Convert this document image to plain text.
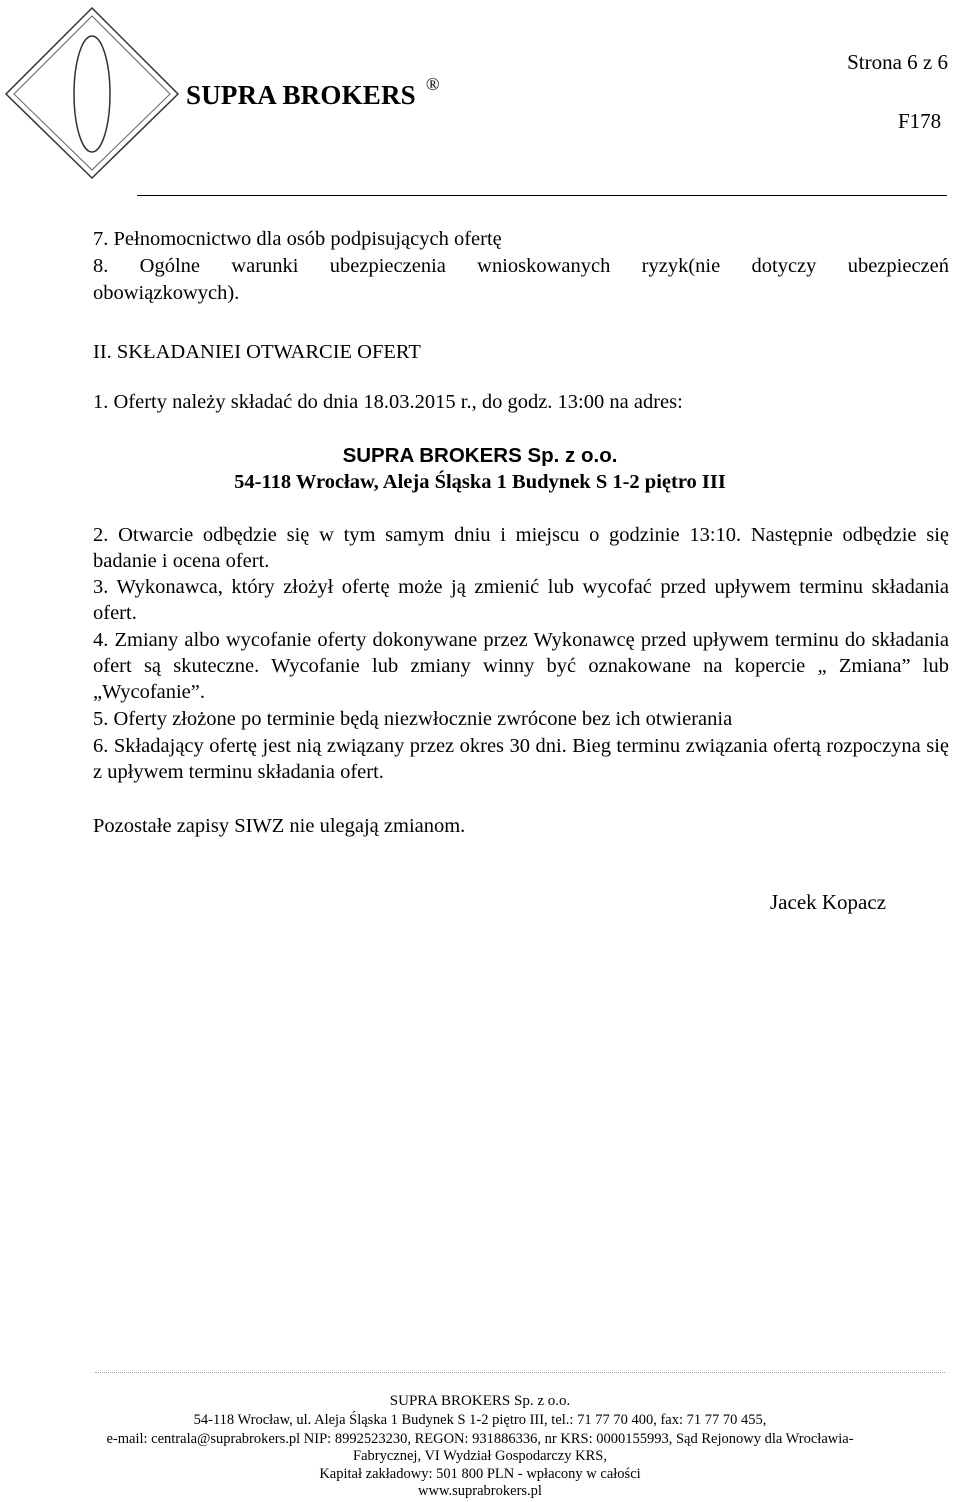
SUPRA BROKERS ®
Strona 6 z 6
F178
7. Pełnomocnictwo dla osób podpisujących ofertę
8. Ogólne warunki ubezpieczenia wnioskowanych ryzyk(nie dotyczy ubezpieczeń
obowiązkowych).
II. SKŁADANIEI OTWARCIE OFERT
1. Oferty należy składać do dnia 18.03.2015 r., do godz. 13:00 na adres:
SUPRA BROKERS Sp. z o.o.
54-118 Wrocław, Aleja Śląska 1 Budynek S 1-2 piętro III
2. Otwarcie odbędzie się w tym samym dniu i miejscu o godzinie 13:10. Następnie odbędzie się badanie i ocena ofert.
3. Wykonawca, który złożył ofertę może ją zmienić lub wycofać przed upływem terminu składania ofert.
4. Zmiany albo wycofanie oferty dokonywane przez Wykonawcę przed upływem terminu do składania ofert są skuteczne. Wycofanie lub zmiany winny być oznakowane na kopercie „ Zmiana” lub „Wycofanie”.
5. Oferty złożone po terminie będą niezwłocznie zwrócone bez ich otwierania
6. Składający ofertę jest nią związany przez okres 30 dni. Bieg terminu związania ofertą rozpoczyna się z upływem terminu składania ofert.
Pozostałe zapisy SIWZ nie ulegają zmianom.
Jacek Kopacz
SUPRA BROKERS Sp. z o.o.
54-118 Wrocław, ul. Aleja Śląska 1 Budynek S 1-2 piętro III, tel.: 71 77 70 400, fax: 71 77 70 455,
e-mail: centrala@suprabrokers.pl NIP: 8992523230, REGON: 931886336, nr KRS: 0000155993, Sąd Rejonowy dla Wrocławia-
Fabrycznej, VI Wydział Gospodarczy KRS,
Kapitał zakładowy: 501 800 PLN - wpłacony w całości
www.suprabrokers.pl
